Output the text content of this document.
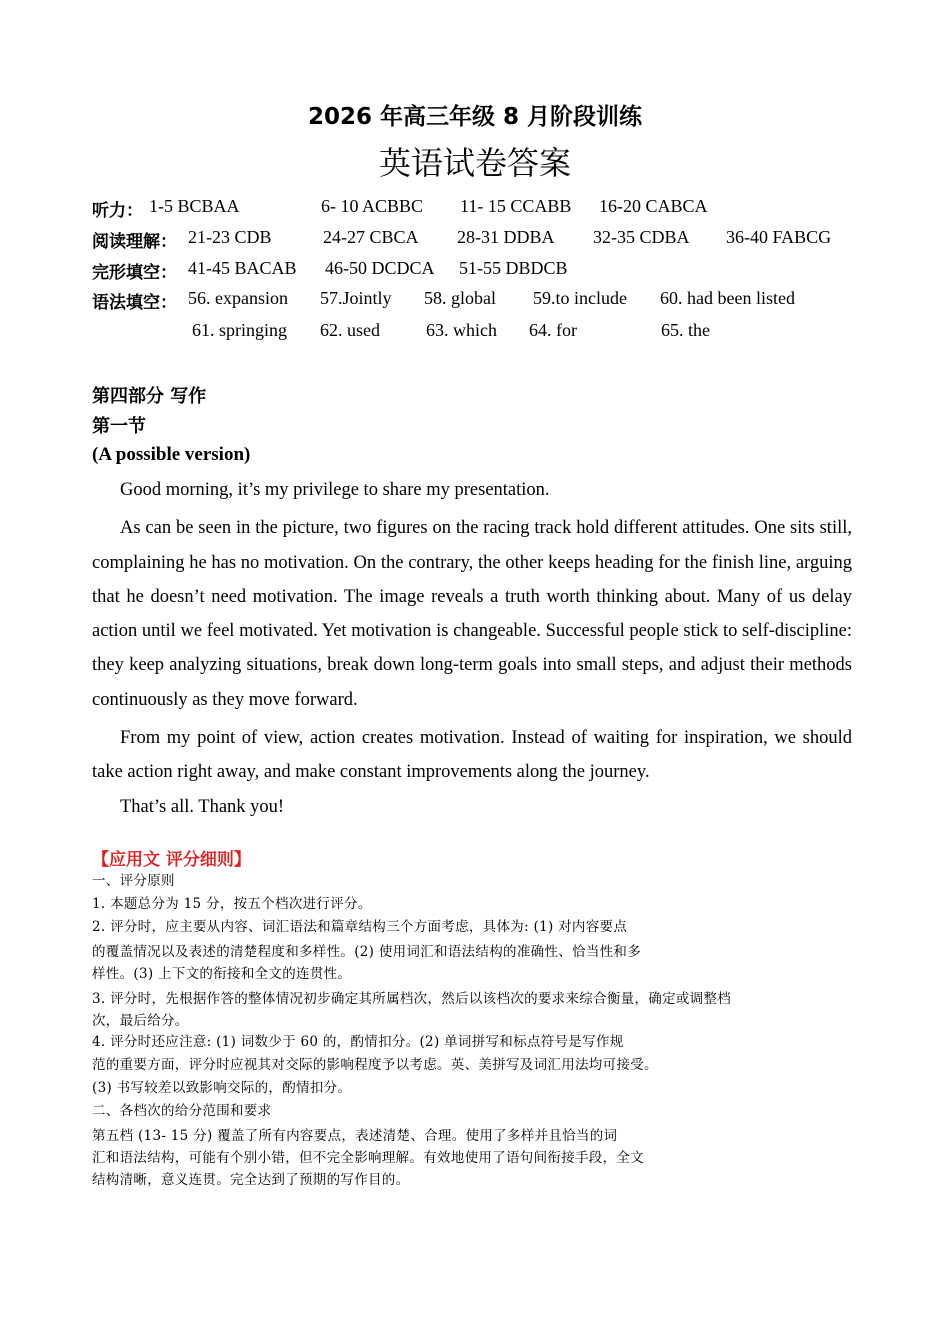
2026 年高三年级 8 月阶段训练
英语试卷答案
听力： 1-5 BCBAA	6- 10 ACBBC 11- 15 CCABB 16-20 CABCA
阅读理解： 21-23 CDB	24-27 CBCA 28-31 DDBA 32-35 CDBA 36-40 FABCG
完形填空： 41-45 BACAB 46-50 DCDCA 51-55 DBDCB
语法填空： 56. expansion 57.Jointly 58. global 59.to include 60. had been listed
61. springing 62. used	63. which 64. for	65. the
第四部分 写作
第一节
(A possible version)

Good morning, it’s my privilege to share my presentation.

As can be seen in the picture, two figures on the racing track hold different attitudes. One sits still, complaining he has no motivation. On the contrary, the other keeps heading for the finish line, arguing that he doesn’t need motivation. The image reveals a truth worth thinking about. Many of us delay action until we feel motivated. Yet motivation is changeable. Successful people stick to self-discipline: they keep analyzing situations, break down long-term goals into small steps, and adjust their methods continuously as they move forward.

From my point of view, action creates motivation. Instead of waiting for inspiration, we should take action right away, and make constant improvements along the journey.

That’s all. Thank you!

【应用文 评分细则】
一、评分原则
1. 本题总分为 15 分，按五个档次进行评分。
2. 评分时，应主要从内容、词汇语法和篇章结构三个方面考虑，具体为: (1) 对内容要点
的覆盖情况以及表述的清楚程度和多样性。(2) 使用词汇和语法结构的准确性、恰当性和多
样性。(3) 上下文的衔接和全文的连贯性。
3. 评分时，先根据作答的整体情况初步确定其所属档次，然后以该档次的要求来综合衡量，确定或调整档
次，最后给分。
4. 评分时还应注意: (1) 词数少于 60 的，酌情扣分。(2) 单词拼写和标点符号是写作规
范的重要方面，评分时应视其对交际的影响程度予以考虑。英、美拼写及词汇用法均可接受。
(3) 书写较差以致影响交际的，酌情扣分。
二、各档次的给分范围和要求
第五档 (13- 15 分) 覆盖了所有内容要点，表述清楚、合理。使用了多样并且恰当的词
汇和语法结构，可能有个别小错，但不完全影响理解。有效地使用了语句间衔接手段，全文
结构清晰，意义连贯。完全达到了预期的写作目的。
